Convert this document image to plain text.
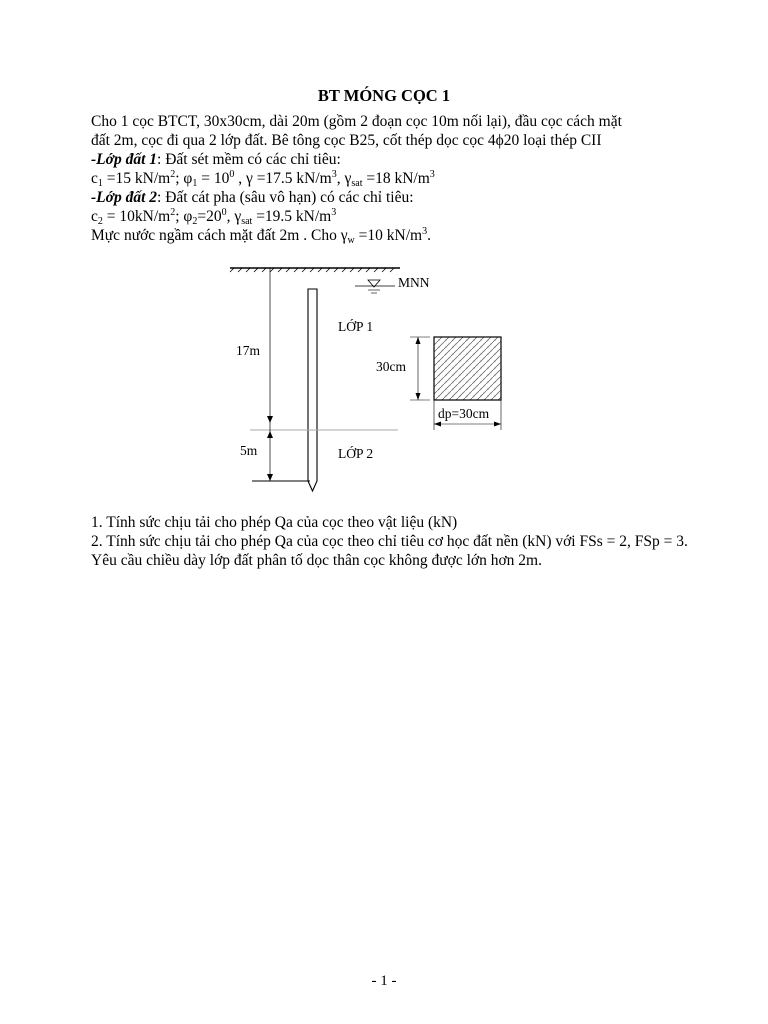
BT MÓNG CỌC 1

Cho 1 cọc BTCT, 30x30cm, dài 20m (gồm 2 đoạn cọc 10m nối lại), đầu cọc cách mặt

đất 2m, cọc đi qua 2 lớp đất. Bê tông cọc B25, cốt thép dọc cọc 4ϕ20 loại thép CII

-Lớp đất 1: Đất sét mềm có các chỉ tiêu:

$c_1 =15$ $kN/m^2$; $\varphi_1 = 10^0$ , γ =17.5 $kN/m^3$, $\gamma_{sat} =18$ $kN/m^3$

-Lớp đất 2: Đất cát pha (sâu vô hạn) có các chỉ tiêu:

$c_2 = 10kN/m^2$; $\varphi_2=20^0$, $\gamma_{sat} =19.5$ $kN/m^3$

Mực nước ngầm cách mặt đất 2m . Cho $\gamma_w =10$ $kN/m^3$.

MNN
17m
5m
LỚP 1
LỚP 2
30cm
dp=30cm

1. Tính sức chịu tải cho phép Qa của cọc theo vật liệu (kN)

2. Tính sức chịu tải cho phép Qa của cọc theo chỉ tiêu cơ học đất nền (kN) với FSs = 2, FSp = 3.

Yêu cầu chiều dày lớp đất phân tố dọc thân cọc không được lớn hơn 2m.

- 1 -
